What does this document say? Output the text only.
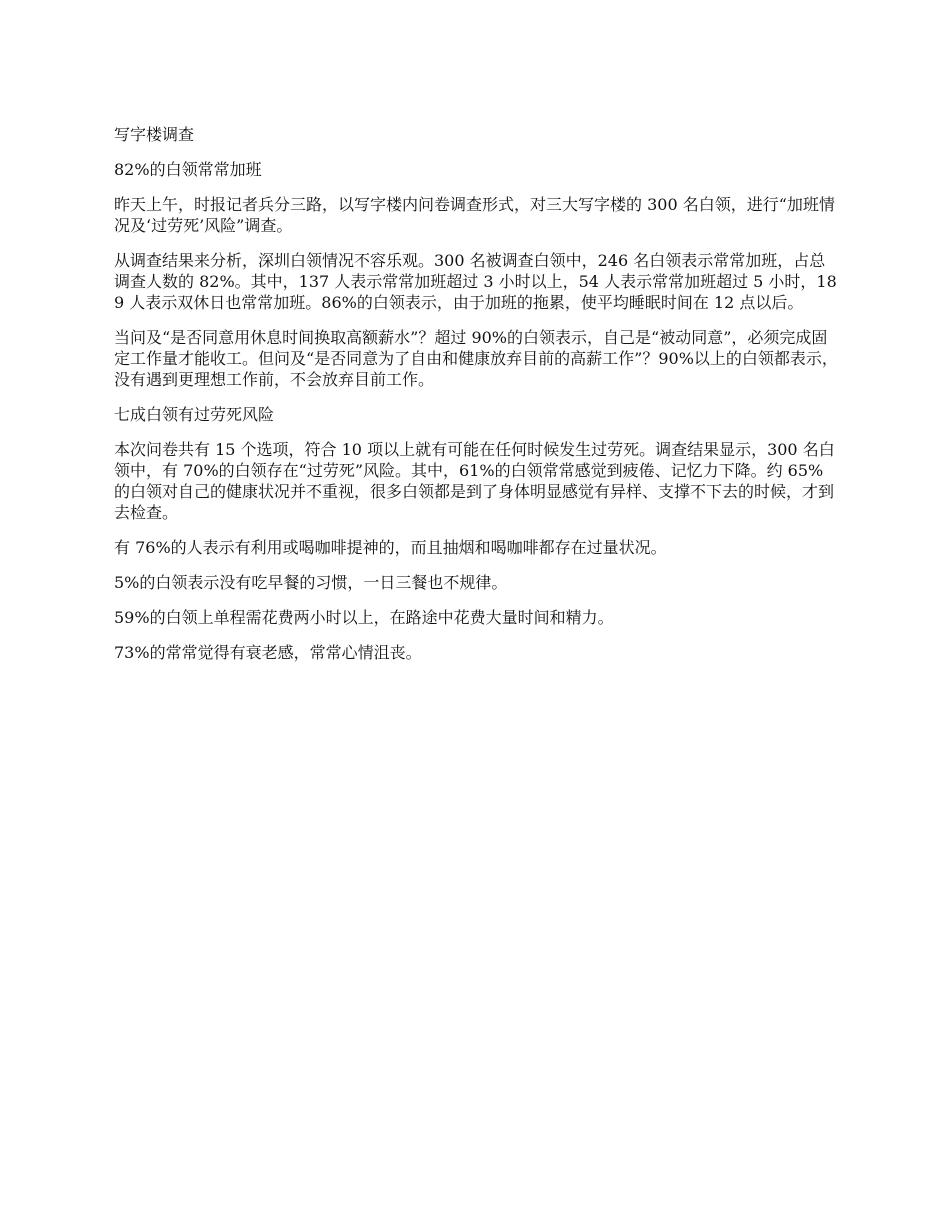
写字楼调查

82%的白领常常加班

昨天上午，时报记者兵分三路，以写字楼内问卷调查形式，对三大写字楼的 300 名白领，进行“加班情况及‘过劳死’风险”调查。

从调查结果来分析，深圳白领情况不容乐观。300 名被调查白领中，246 名白领表示常常加班，占总调查人数的 82%。其中，137 人表示常常加班超过 3 小时以上，54 人表示常常加班超过 5 小时，189 人表示双休日也常常加班。86%的白领表示，由于加班的拖累，使平均睡眠时间在 12 点以后。

当问及“是否同意用休息时间换取高额薪水”？超过 90%的白领表示，自己是“被动同意”，必须完成固定工作量才能收工。但问及“是否同意为了自由和健康放弃目前的高薪工作”？90%以上的白领都表示，没有遇到更理想工作前，不会放弃目前工作。

七成白领有过劳死风险

本次问卷共有 15 个选项，符合 10 项以上就有可能在任何时候发生过劳死。调查结果显示，300 名白领中，有 70%的白领存在“过劳死”风险。其中，61%的白领常常感觉到疲倦、记忆力下降。约 65%的白领对自己的健康状况并不重视，很多白领都是到了身体明显感觉有异样、支撑不下去的时候，才到去检查。

有 76%的人表示有利用或喝咖啡提神的，而且抽烟和喝咖啡都存在过量状况。

5%的白领表示没有吃早餐的习惯，一日三餐也不规律。

59%的白领上单程需花费两小时以上，在路途中花费大量时间和精力。

73%的常常觉得有衰老感，常常心情沮丧。
